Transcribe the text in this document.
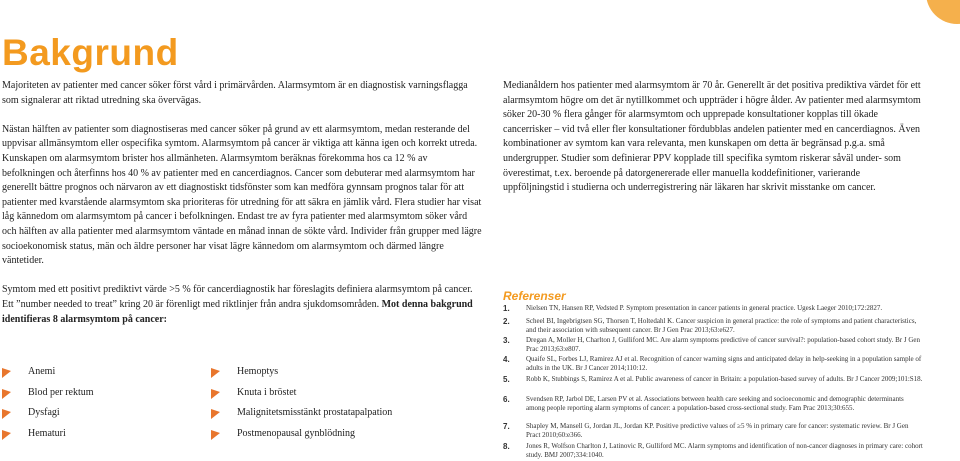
Bakgrund

Majoriteten av patienter med cancer söker först vård i primärvården. Alarmsymtom är en diagnostisk varningsflagga som signalerar att riktad utredning ska övervägas.

Nästan hälften av patienter som diagnostiseras med cancer söker på grund av ett alarmsymtom, medan resterande del uppvisar allmänsymtom eller ospecifika symtom. Alarmsymtom på cancer är viktiga att känna igen och korrekt utreda. Kunskapen om alarmsymtom brister hos allmänheten. Alarmsymtom beräknas förekomma hos ca 12 % av befolkningen och återfinns hos 40 % av patienter med en cancerdiagnos. Cancer som debuterar med alarmsymtom har generellt bättre prognos och närvaron av ett diagnostiskt tidsfönster som kan medföra gynnsam prognos talar för att patienter med kvarstående alarmsymtom ska prioriteras för utredning för att säkra en jämlik vård. Flera studier har visat låg kännedom om alarmsymtom på cancer i befolkningen. Endast tre av fyra patienter med alarmsymtom söker vård och hälften av alla patienter med alarmsymtom väntade en månad innan de sökte vård. Individer från grupper med lägre socioekonomisk status, män och äldre personer har visat lägre kännedom om alarmsymtom och därmed längre väntetider.

Symtom med ett positivt prediktivt värde >5 % för cancerdiagnostik har föreslagits definiera alarmsymtom på cancer. Ett ”number needed to treat” kring 20 är förenligt med riktlinjer från andra sjukdomsområden. Mot denna bakgrund identifieras 8 alarmsymtom på cancer:

Anemi
Blod per rektum
Dysfagi
Hematuri
Hemoptys
Knuta i bröstet
Malignitetsmisstänkt prostatapalpation
Postmenopausal gynblödning

Medianåldern hos patienter med alarmsymtom är 70 år. Generellt är det positiva prediktiva värdet för ett alarmsymtom högre om det är nytillkommet och uppträder i högre ålder. Av patienter med alarmsymtom söker 20-30 % flera gånger för alarmsymtom och upprepade konsultationer kopplas till ökade cancerrisker – vid två eller fler konsultationer fördubblas andelen patienter med en cancerdiagnos. Även kombinationer av symtom kan vara relevanta, men kunskapen om detta är begränsad p.g.a. små undergrupper. Studier som definierar PPV kopplade till specifika symtom riskerar såväl under- som överestimat, t.ex. beroende på datorgenererade eller manuella koddefinitioner, varierande uppföljningstid i studierna och underregistrering när läkaren har skrivit misstanke om cancer.

Referenser
1.	Nielsen TN, Hansen RP, Vedsted P. Symptom presentation in cancer patients in general practice. Ugesk Laeger 2010;172:2827.
2.	Scheel BI, Ingebrigtsen SG, Thorsen T, Holtedahl K. Cancer suspicion in general practice: the role of symptoms and patient characteristics, and their association with subsequent cancer. Br J Gen Prac 2013;63:e627.
3.	Dregan A, Moller H, Charlton J, Gulliford MC. Are alarm symptoms predictive of cancer survival?: population-based cohort study. Br J Gen Prac 2013;63:e807.
4.	Quaife SL, Forbes LJ, Ramirez AJ et al. Recognition of cancer warning signs and anticipated delay in help-seeking in a population sample of adults in the UK. Br J Cancer 2014;110:12.
5.	Robb K, Stubbings S, Ramirez A et al. Public awareness of cancer in Britain: a population-based survey of adults. Br J Cancer 2009;101:S18.
6.	Svendsen RP, Jarbol DE, Larsen PV et al. Associations between health care seeking and socioeconomic and demographic determinants among people reporting alarm symptoms of cancer: a population-based cross-sectional study. Fam Prac 2013;30:655.
7.	Shapley M, Mansell G, Jordan JL, Jordan KP. Positive predictive values of ≥5 % in primary care for cancer: systematic review. Br J Gen Pract 2010;60:e366.
8.	Jones R, Wolfson Charlton J, Latinovic R, Gulliford MC. Alarm symptoms and identification of non-cancer diagnoses in primary care: cohort study. BMJ 2007;334:1040.
